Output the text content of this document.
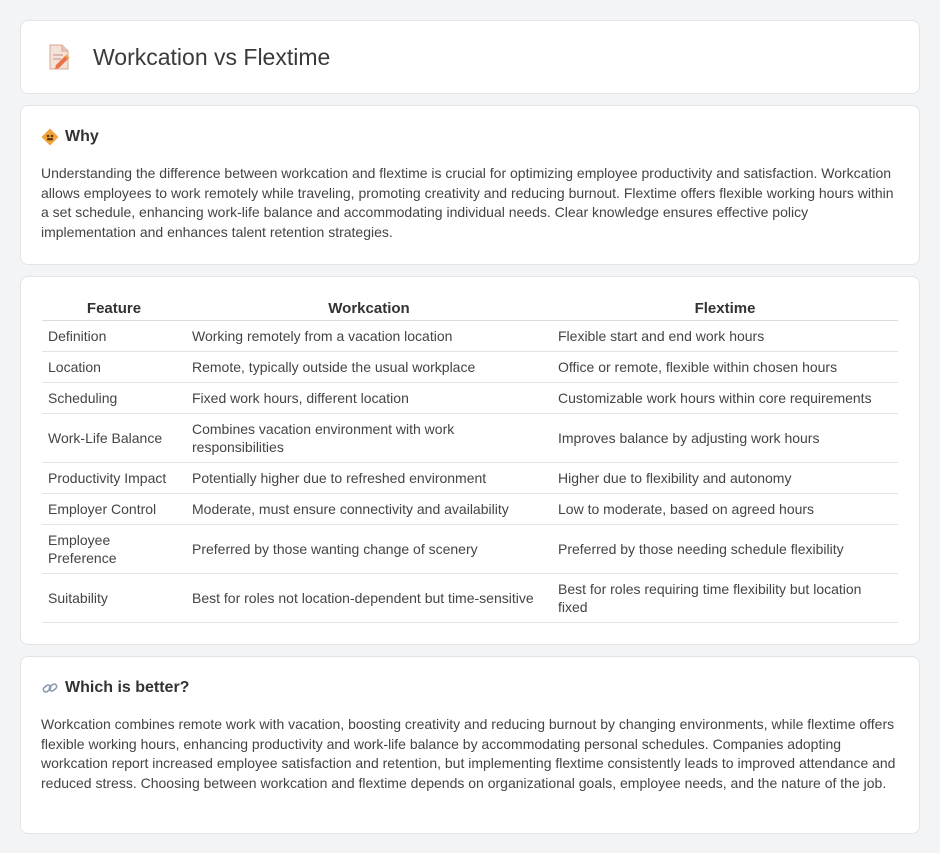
Workcation vs Flextime
Why

Understanding the difference between workcation and flextime is crucial for optimizing employee productivity and satisfaction. Workcation allows employees to work remotely while traveling, promoting creativity and reducing burnout. Flextime offers flexible working hours within a set schedule, enhancing work-life balance and accommodating individual needs. Clear knowledge ensures effective policy implementation and enhances talent retention strategies.

Feature	Workcation	Flextime
Definition	Working remotely from a vacation location	Flexible start and end work hours
Location	Remote, typically outside the usual workplace	Office or remote, flexible within chosen hours
Scheduling	Fixed work hours, different location	Customizable work hours within core requirements
Work-Life Balance	Combines vacation environment with work responsibilities	Improves balance by adjusting work hours
Productivity Impact	Potentially higher due to refreshed environment	Higher due to flexibility and autonomy
Employer Control	Moderate, must ensure connectivity and availability	Low to moderate, based on agreed hours
Employee Preference	Preferred by those wanting change of scenery	Preferred by those needing schedule flexibility
Suitability	Best for roles not location-dependent but time-sensitive	Best for roles requiring time flexibility but location fixed
Which is better?

Workcation combines remote work with vacation, boosting creativity and reducing burnout by changing environments, while flextime offers flexible working hours, enhancing productivity and work-life balance by accommodating personal schedules. Companies adopting workcation report increased employee satisfaction and retention, but implementing flextime consistently leads to improved attendance and reduced stress. Choosing between workcation and flextime depends on organizational goals, employee needs, and the nature of the job.
